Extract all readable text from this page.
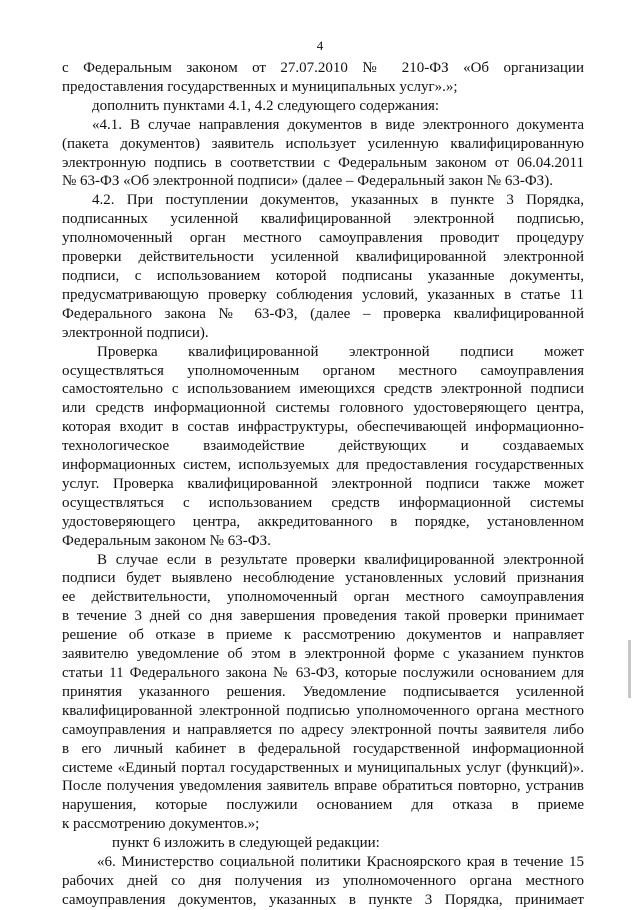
4
с Федеральным законом от 27.07.2010 № 210-ФЗ «Об организации
предоставления государственных и муниципальных услуг».»;
дополнить пунктами 4.1, 4.2 следующего содержания:
«4.1. В случае направления документов в виде электронного документа
(пакета документов) заявитель использует усиленную квалифицированную
электронную подпись в соответствии с Федеральным законом от 06.04.2011
№ 63-ФЗ «Об электронной подписи» (далее – Федеральный закон № 63-ФЗ).
4.2. При поступлении документов, указанных в пункте 3 Порядка,
подписанных усиленной квалифицированной электронной подписью,
уполномоченный орган местного самоуправления проводит процедуру
проверки действительности усиленной квалифицированной электронной
подписи, с использованием которой подписаны указанные документы,
предусматривающую проверку соблюдения условий, указанных в статье 11
Федерального закона № 63-ФЗ, (далее – проверка квалифицированной
электронной подписи).
Проверка квалифицированной электронной подписи может
осуществляться уполномоченным органом местного самоуправления
самостоятельно с использованием имеющихся средств электронной подписи
или средств информационной системы головного удостоверяющего центра,
которая входит в состав инфраструктуры, обеспечивающей информационно-
технологическое взаимодействие действующих и создаваемых
информационных систем, используемых для предоставления государственных
услуг. Проверка квалифицированной электронной подписи также может
осуществляться с использованием средств информационной системы
удостоверяющего центра, аккредитованного в порядке, установленном
Федеральным законом № 63-ФЗ.
В случае если в результате проверки квалифицированной электронной
подписи будет выявлено несоблюдение установленных условий признания
ее действительности, уполномоченный орган местного самоуправления
в течение 3 дней со дня завершения проведения такой проверки принимает
решение об отказе в приеме к рассмотрению документов и направляет
заявителю уведомление об этом в электронной форме с указанием пунктов
статьи 11 Федерального закона № 63-ФЗ, которые послужили основанием для
принятия указанного решения. Уведомление подписывается усиленной
квалифицированной электронной подписью уполномоченного органа местного
самоуправления и направляется по адресу электронной почты заявителя либо
в его личный кабинет в федеральной государственной информационной
системе «Единый портал государственных и муниципальных услуг (функций)».
После получения уведомления заявитель вправе обратиться повторно, устранив
нарушения, которые послужили основанием для отказа в приеме
к рассмотрению документов.»;
пункт 6 изложить в следующей редакции:
«6. Министерство социальной политики Красноярского края в течение 15
рабочих дней со дня получения из уполномоченного органа местного
самоуправления документов, указанных в пункте 3 Порядка, принимает
